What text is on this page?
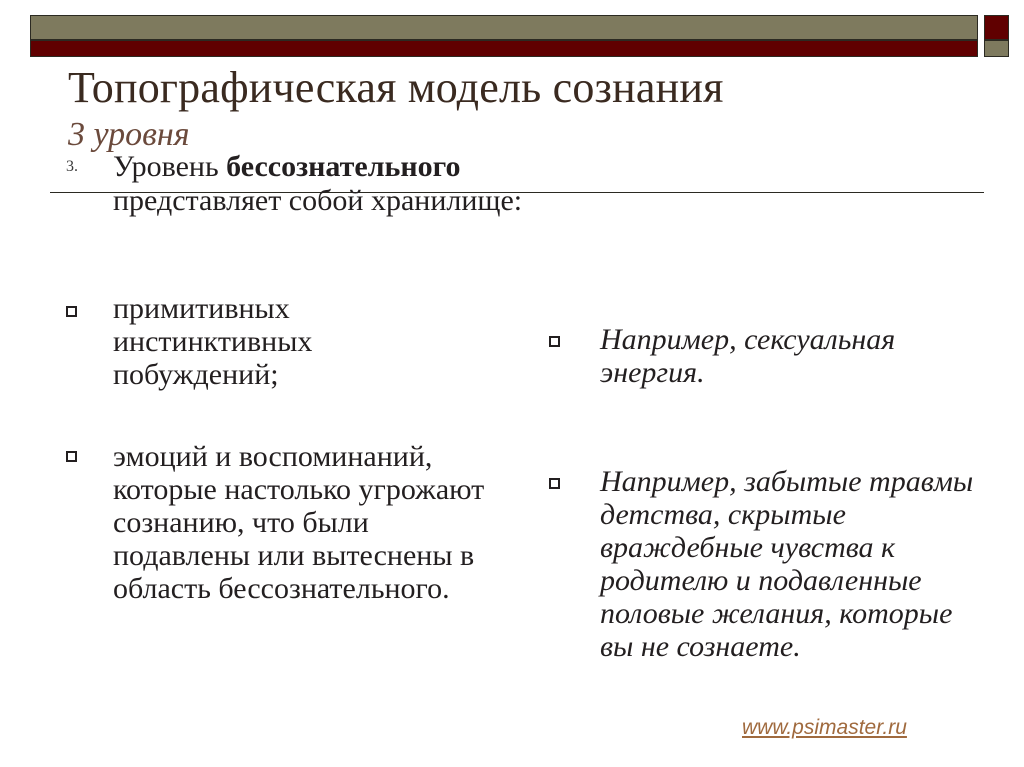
Топографическая модель сознания
3 уровня
3. Уровень бессознательного представляет собой хранилище:
примитивных инстинктивных побуждений;
эмоций и воспоминаний, которые настолько угрожают сознанию, что были подавлены или вытеснены в область бессознательного.
Например, сексуальная энергия.
Например, забытые травмы детства, скрытые враждебные чувства к родителю и подавленные половые желания, которые вы не сознаете.
www.psimaster.ru
